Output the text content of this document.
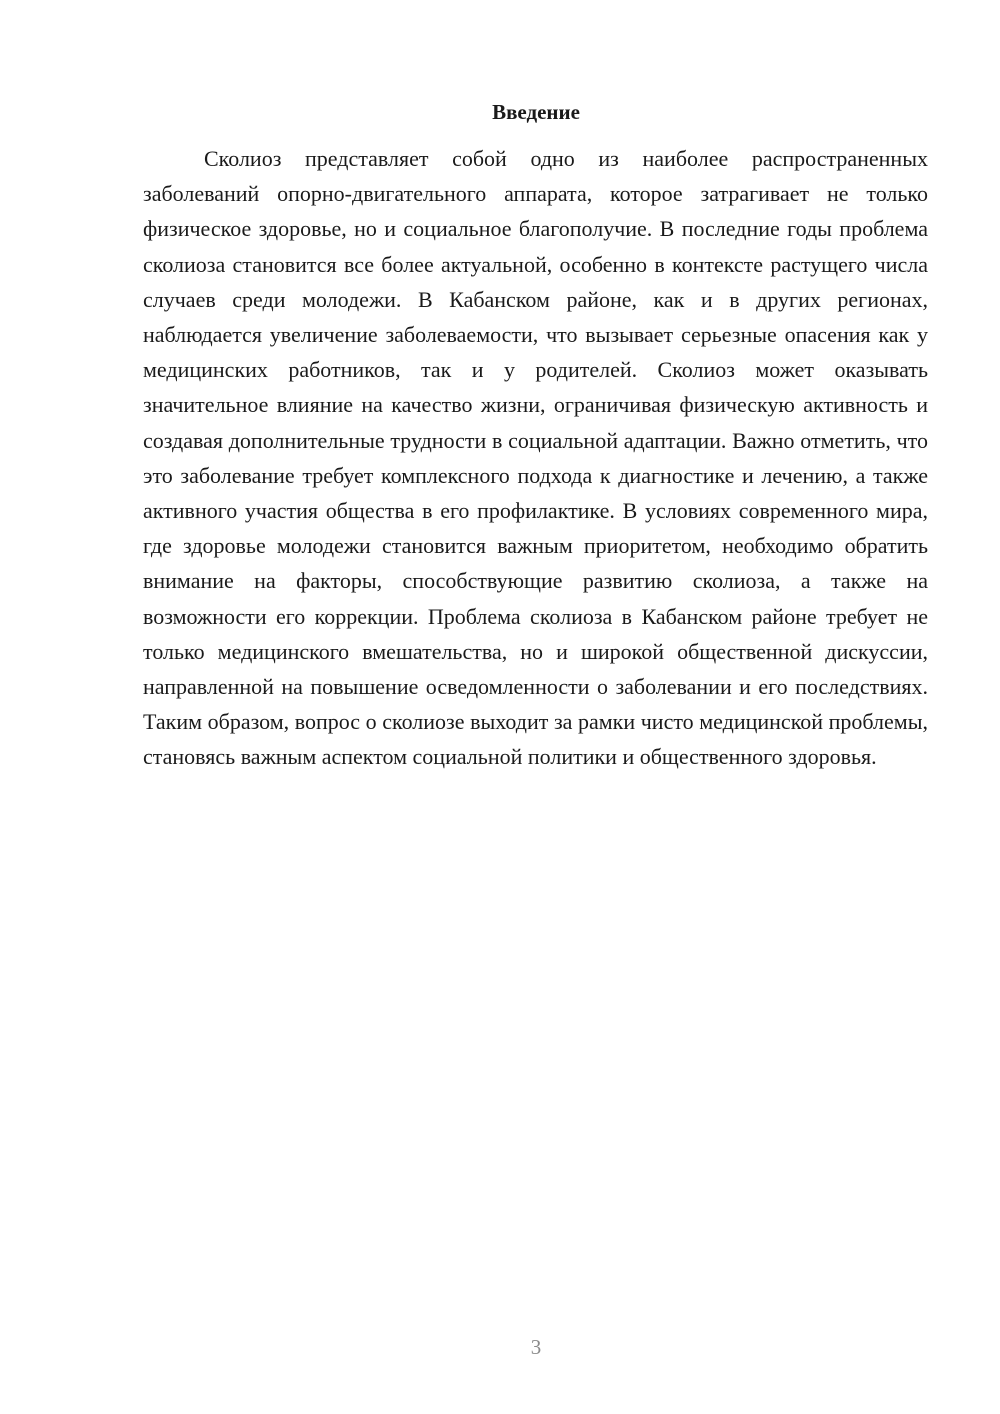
Введение

Сколиоз представляет собой одно из наиболее распространенных заболеваний опорно-двигательного аппарата, которое затрагивает не только физическое здоровье, но и социальное благополучие. В последние годы проблема сколиоза становится все более актуальной, особенно в контексте растущего числа случаев среди молодежи. В Кабанском районе, как и в других регионах, наблюдается увеличение заболеваемости, что вызывает серьезные опасения как у медицинских работников, так и у родителей. Сколиоз может оказывать значительное влияние на качество жизни, ограничивая физическую активность и создавая дополнительные трудности в социальной адаптации. Важно отметить, что это заболевание требует комплексного подхода к диагностике и лечению, а также активного участия общества в его профилактике. В условиях современного мира, где здоровье молодежи становится важным приоритетом, необходимо обратить внимание на факторы, способствующие развитию сколиоза, а также на возможности его коррекции. Проблема сколиоза в Кабанском районе требует не только медицинского вмешательства, но и широкой общественной дискуссии, направленной на повышение осведомленности о заболевании и его последствиях. Таким образом, вопрос о сколиозе выходит за рамки чисто медицинской проблемы, становясь важным аспектом социальной политики и общественного здоровья.

3
